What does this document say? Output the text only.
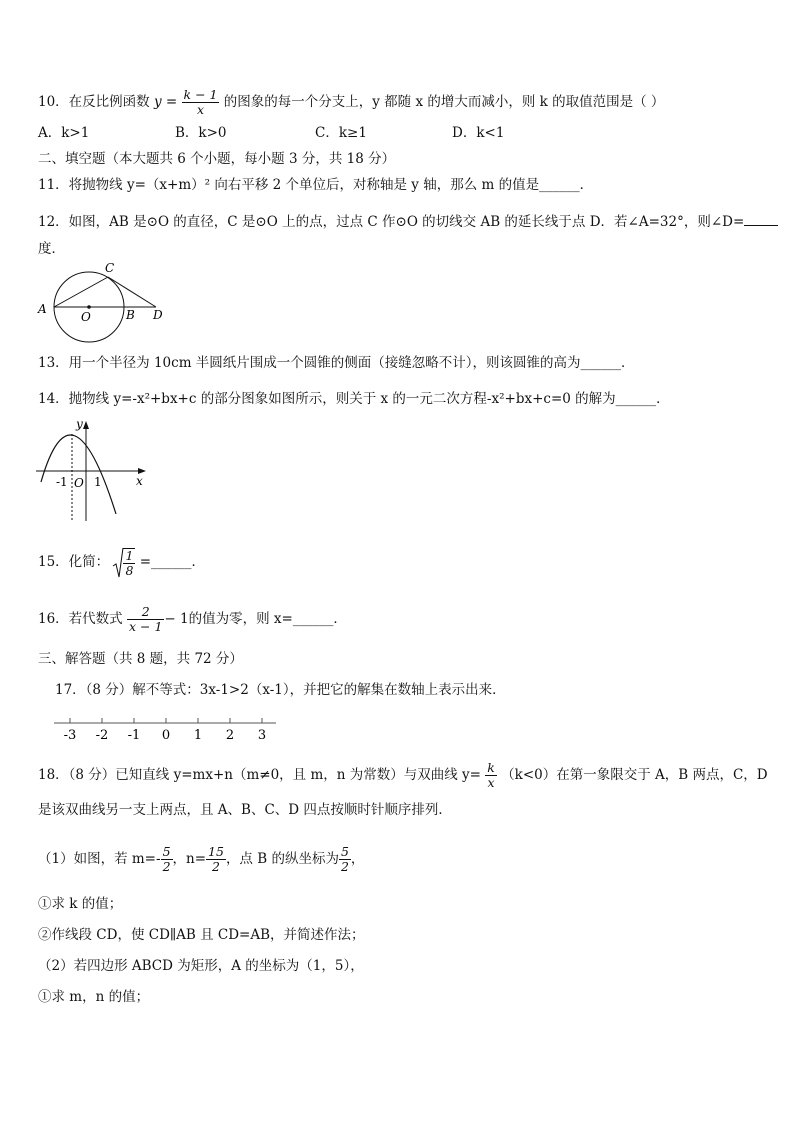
10．在反比例函数 $y = \frac{k - 1}{x}$ 的图象的每一个分支上，y 都随 x 的增大而减小，则 k 的取值范围是（ ）
A．k>1	B．k>0	C．k≥1	D．k<1
二、填空题（本大题共 6 个小题，每小题 3 分，共 18 分）
11．将抛物线 y=（x+m）² 向右平移 2 个单位后，对称轴是 y 轴，那么 m 的值是______．
12．如图，AB 是⊙O 的直径，C 是⊙O 上的点，过点 C 作⊙O 的切线交 AB 的延长线于点 D．若∠A=32°，则∠D=
度．
A
C
O	B D
13．用一个半径为 10cm 半圆纸片围成一个圆锥的侧面（接缝忽略不计），则该圆锥的高为______．
14．抛物线 y=-x²+bx+c 的部分图象如图所示，则关于 x 的一元二次方程-x²+bx+c=0 的解为______．
y
x
-1 O 1
15．化简： $\frac{1}{8}$ =______．
16．若代数式 $\frac{2}{x - 1} - 1$的值为零，则 x=______．
三、解答题（共 8 题，共 72 分）
17．（8 分）解不等式：3x-1>2（x-1），并把它的解集在数轴上表示出来．
-3 -2 -1 0 1 2 3
18．（8 分）已知直线 y=mx+n（m≠0，且 m，n 为常数）与双曲线 $y= \frac{k}{x} (k<0)$在第一象限交于 A，B 两点，C，D
是该双曲线另一支上两点，且 A、B、C、D 四点按顺时针顺序排列．
（1）如图，若 $m=- \frac{5}{2}$ ，$n= \frac{15}{2}$ ，点 B 的纵坐标为 $\frac{5}{2}$ ，
①求 k 的值；
②作线段 CD，使 CD∥AB 且 CD=AB，并简述作法；
（2）若四边形 ABCD 为矩形，A 的坐标为（1，5），
①求 m，n 的值；
